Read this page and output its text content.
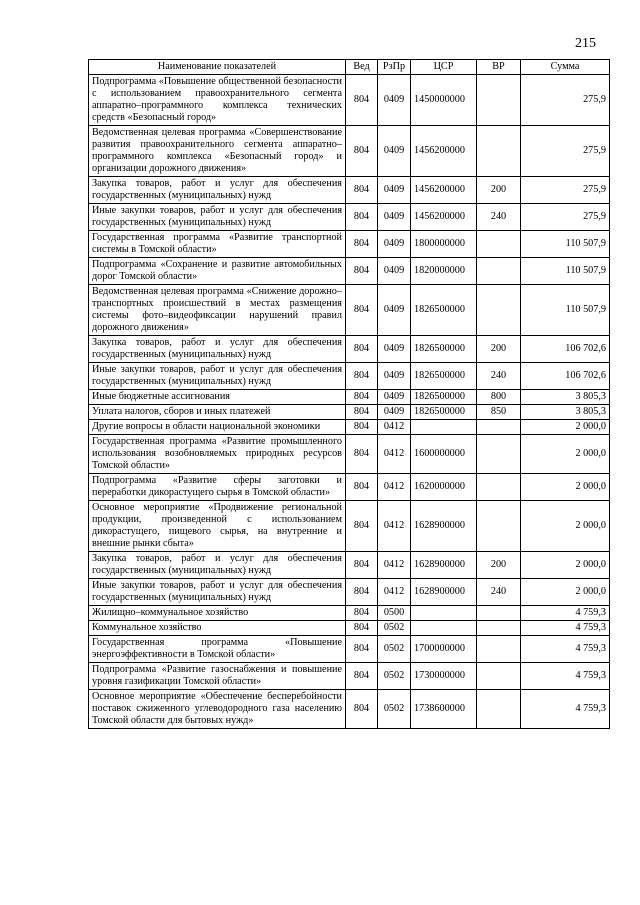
215
Наименование показателей	Вед	РзПр	ЦСР	ВР	Сумма
Подпрограмма «Повышение общественной безопасности с использованием правоохранительного сегмента аппаратно–программного комплекса технических средств «Безопасный город»	804	0409	1450000000		275,9
Ведомственная целевая программа «Совершенствование развития правоохранительного сегмента аппаратно–программного комплекса «Безопасный город» и организации дорожного движения»	804	0409	1456200000		275,9
Закупка товаров, работ и услуг для обеспечения государственных (муниципальных) нужд	804	0409	1456200000	200	275,9
Иные закупки товаров, работ и услуг для обеспечения государственных (муниципальных) нужд	804	0409	1456200000	240	275,9
Государственная программа «Развитие транспортной системы в Томской области»	804	0409	1800000000		110 507,9
Подпрограмма «Сохранение и развитие автомобильных дорог Томской области»	804	0409	1820000000		110 507,9
Ведомственная целевая программа «Снижение дорожно–транспортных происшествий в местах размещения системы фото–видеофиксации нарушений правил дорожного движения»	804	0409	1826500000		110 507,9
Закупка товаров, работ и услуг для обеспечения государственных (муниципальных) нужд	804	0409	1826500000	200	106 702,6
Иные закупки товаров, работ и услуг для обеспечения государственных (муниципальных) нужд	804	0409	1826500000	240	106 702,6
Иные бюджетные ассигнования	804	0409	1826500000	800	3 805,3
Уплата налогов, сборов и иных платежей	804	0409	1826500000	850	3 805,3
Другие вопросы в области национальной экономики	804	0412			2 000,0
Государственная программа «Развитие промышленного использования возобновляемых природных ресурсов Томской области»	804	0412	1600000000		2 000,0
Подпрограмма «Развитие сферы заготовки и переработки дикорастущего сырья в Томской области»	804	0412	1620000000		2 000,0
Основное мероприятие «Продвижение региональной продукции, произведенной с использованием дикорастущего, пищевого сырья, на внутренние и внешние рынки сбыта»	804	0412	1628900000		2 000,0
Закупка товаров, работ и услуг для обеспечения государственных (муниципальных) нужд	804	0412	1628900000	200	2 000,0
Иные закупки товаров, работ и услуг для обеспечения государственных (муниципальных) нужд	804	0412	1628900000	240	2 000,0
Жилищно–коммунальное хозяйство	804	0500			4 759,3
Коммунальное хозяйство	804	0502			4 759,3
Государственная программа «Повышение энергоэффективности в Томской области»	804	0502	1700000000		4 759,3
Подпрограмма «Развитие газоснабжения и повышение уровня газификации Томской области»	804	0502	1730000000		4 759,3
Основное мероприятие «Обеспечение бесперебойности поставок сжиженного углеводородного газа населению Томской области для бытовых нужд»	804	0502	1738600000		4 759,3
